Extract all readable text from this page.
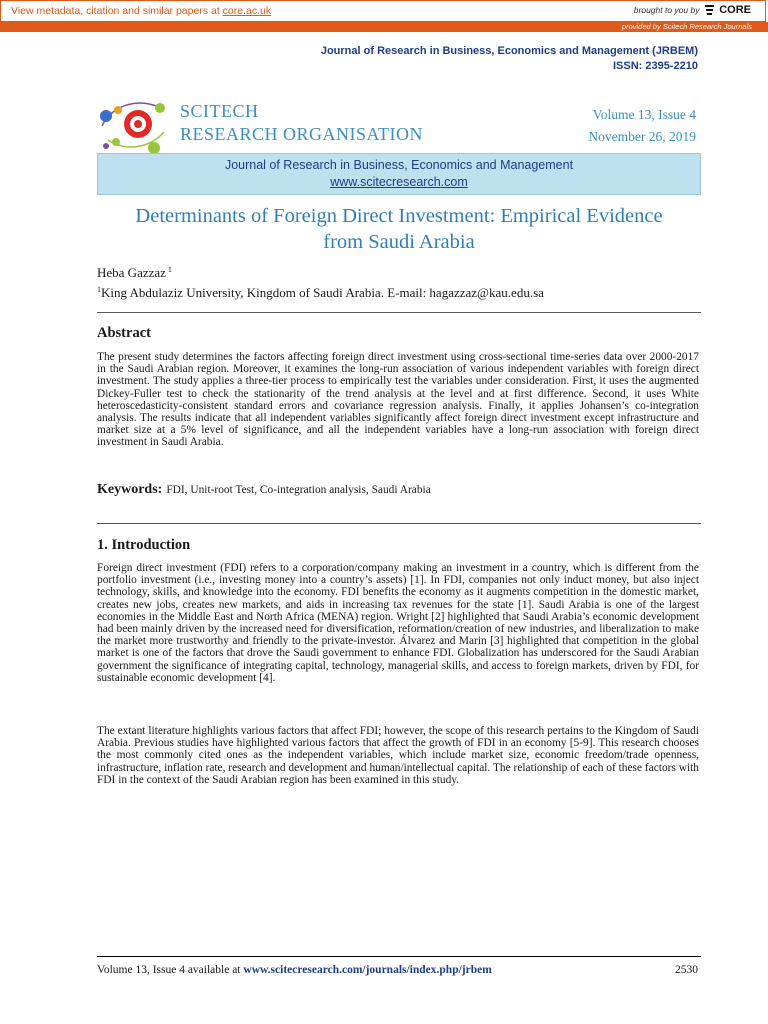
View metadata, citation and similar papers at core.ac.uk	brought to you by CORE
provided by Scitech Research Journals
Journal of Research in Business, Economics and Management (JRBEM)
ISSN: 2395-2210
SCITECH
RESEARCH ORGANISATION
Volume 13, Issue 4
November 26, 2019
Journal of Research in Business, Economics and Management
www.scitecresearch.com
Determinants of Foreign Direct Investment: Empirical Evidence
from Saudi Arabia
Heba Gazzaz $^1$
$^1$King Abdulaziz University, Kingdom of Saudi Arabia. E-mail: hagazzaz@kau.edu.sa
Abstract
The present study determines the factors affecting foreign direct investment using cross-sectional time-series data over 2000-2017 in the Saudi Arabian region. Moreover, it examines the long-run association of various independent variables with foreign direct investment. The study applies a three-tier process to empirically test the variables under consideration. First, it uses the augmented Dickey-Fuller test to check the stationarity of the trend analysis at the level and at first difference. Second, it uses White heteroscedasticity-consistent standard errors and covariance regression analysis. Finally, it applies Johansen’s co-integration analysis. The results indicate that all independent variables significantly affect foreign direct investment except infrastructure and market size at a 5% level of significance, and all the independent variables have a long-run association with foreign direct investment in Saudi Arabia.
Keywords: FDI, Unit-root Test, Co-integration analysis, Saudi Arabia
1. Introduction
Foreign direct investment (FDI) refers to a corporation/company making an investment in a country, which is different from the portfolio investment (i.e., investing money into a country’s assets) [1]. In FDI, companies not only induct money, but also inject technology, skills, and knowledge into the economy. FDI benefits the economy as it augments competition in the domestic market, creates new jobs, creates new markets, and aids in increasing tax revenues for the state [1]. Saudi Arabia is one of the largest economies in the Middle East and North Africa (MENA) region. Wright [2] highlighted that Saudi Arabia’s economic development had been mainly driven by the increased need for diversification, reformation/creation of new industries, and liberalization to make the market more trustworthy and friendly to the private-investor. Álvarez and Marin [3] highlighted that competition in the global market is one of the factors that drove the Saudi government to enhance FDI. Globalization has underscored for the Saudi Arabian government the significance of integrating capital, technology, managerial skills, and access to foreign markets, driven by FDI, for sustainable economic development [4].
The extant literature highlights various factors that affect FDI; however, the scope of this research pertains to the Kingdom of Saudi Arabia. Previous studies have highlighted various factors that affect the growth of FDI in an economy [5-9]. This research chooses the most commonly cited ones as the independent variables, which include market size, economic freedom/trade openness, infrastructure, inflation rate, research and development and human/intellectual capital. The relationship of each of these factors with FDI in the context of the Saudi Arabian region has been examined in this study.
Volume 13, Issue 4 available at www.scitecresearch.com/journals/index.php/jrbem	2530
